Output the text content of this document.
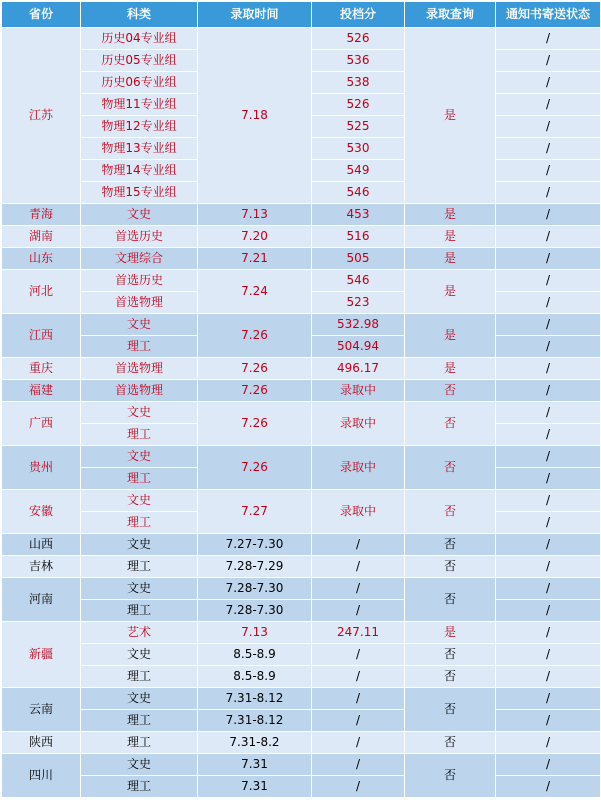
省份	科类	录取时间	投档分	录取查询	通知书寄送状态
江苏	历史04专业组	7.18	526	是	/
	历史05专业组		536		/
	历史06专业组		538		/
	物理11专业组		526		/
	物理12专业组		525		/
	物理13专业组		530		/
	物理14专业组		549		/
	物理15专业组		546		/
青海	文史	7.13	453	是	/
湖南	首选历史	7.20	516	是	/
山东	文理综合	7.21	505	是	/
河北	首选历史	7.24	546	是	/
	首选物理		523		/
江西	文史	7.26	532.98	是	/
	理工		504.94		/
重庆	首选物理	7.26	496.17	是	/
福建	首选物理	7.26	录取中	否	/
广西	文史	7.26	录取中	否	/
	理工				/
贵州	文史	7.26	录取中	否	/
	理工				/
安徽	文史	7.27	录取中	否	/
	理工				/
山西	文史	7.27-7.30	/	否	/
吉林	理工	7.28-7.29	/	否	/
河南	文史	7.28-7.30	/	否	/
	理工	7.28-7.30	/		/
新疆	艺术	7.13	247.11	是	/
	文史	8.5-8.9	/	否	/
	理工	8.5-8.9	/	否	/
云南	文史	7.31-8.12	/	否	/
	理工	7.31-8.12	/		/
陕西	理工	7.31-8.2	/	否	/
四川	文史	7.31	/	否	/
	理工	7.31	/		/
